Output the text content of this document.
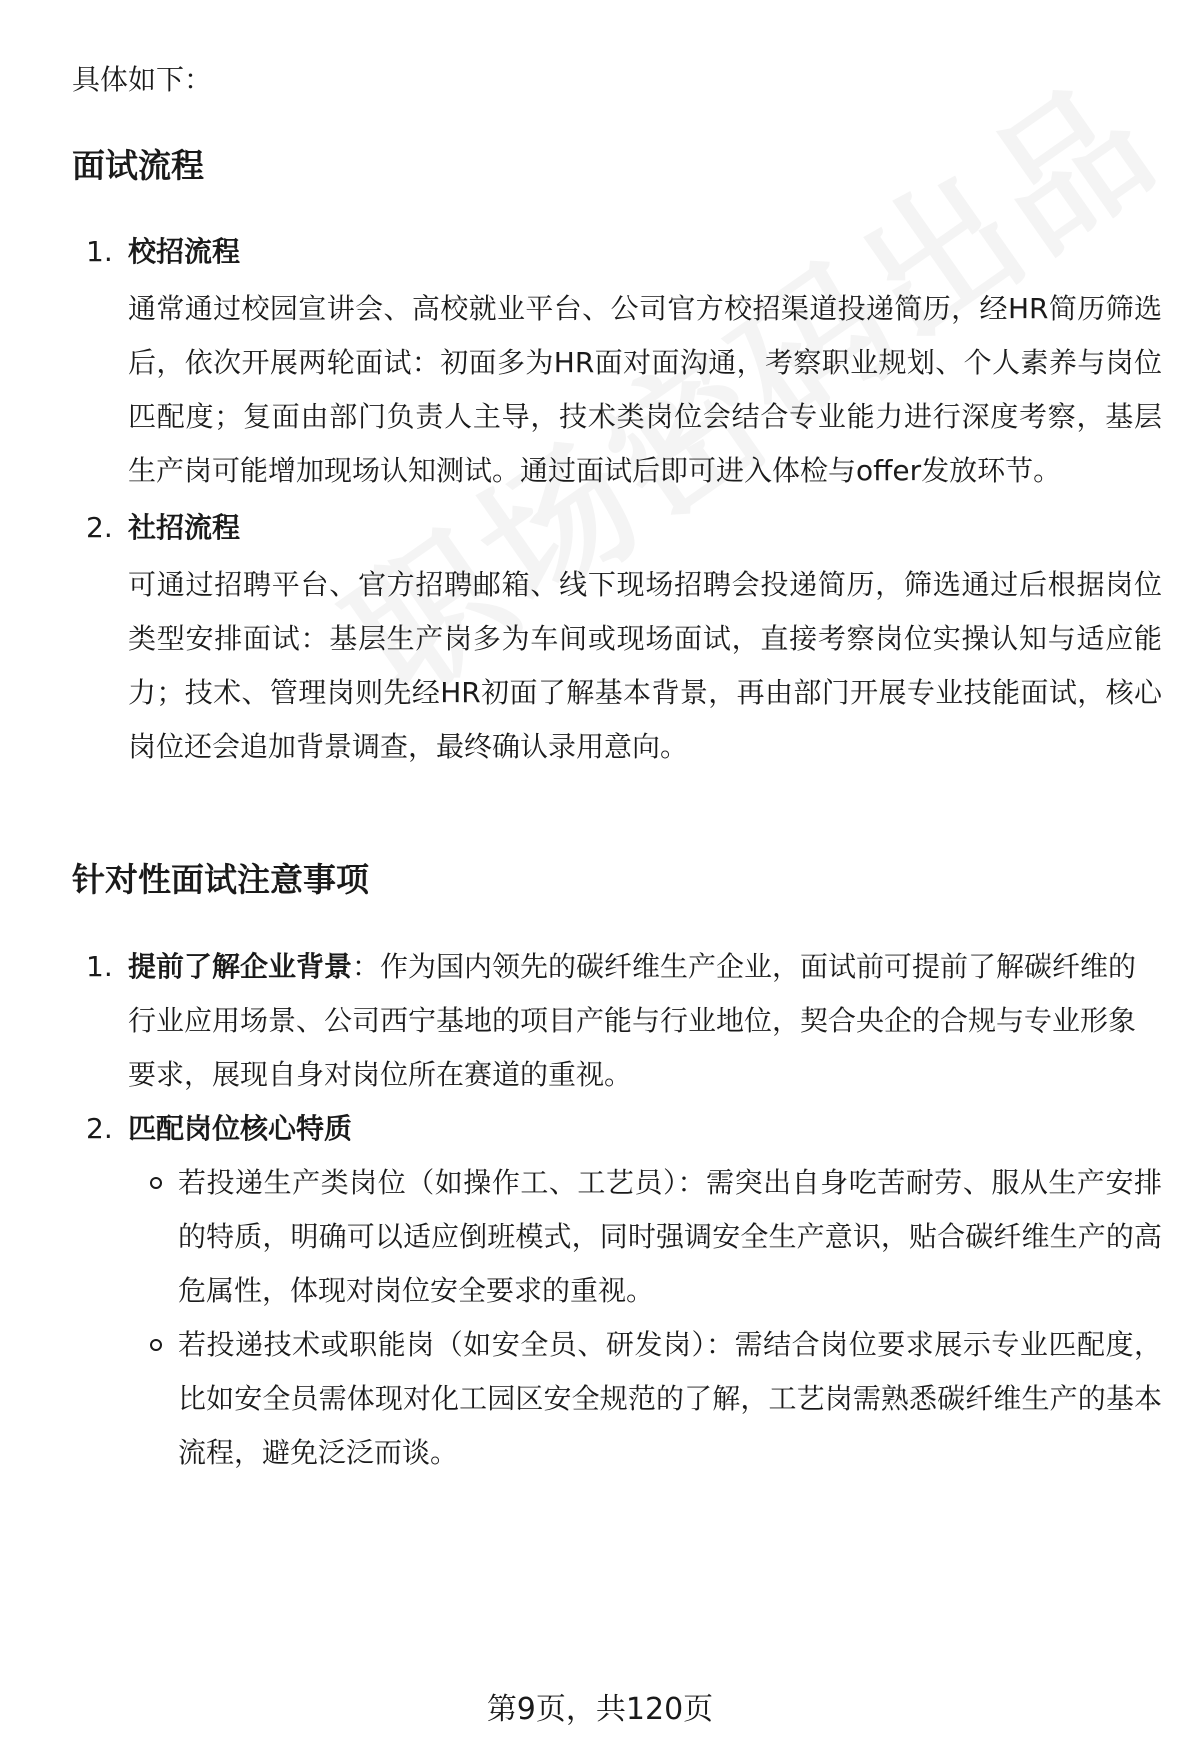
具体如下：
面试流程
1. 校招流程
通常通过校园宣讲会、高校就业平台、公司官方校招渠道投递简历，经HR简历筛选后，依次开展两轮面试：初面多为HR面对面沟通，考察职业规划、个人素养与岗位匹配度；复面由部门负责人主导，技术类岗位会结合专业能力进行深度考察，基层生产岗可能增加现场认知测试。通过面试后即可进入体检与offer发放环节。
2. 社招流程
可通过招聘平台、官方招聘邮箱、线下现场招聘会投递简历，筛选通过后根据岗位类型安排面试：基层生产岗多为车间或现场面试，直接考察岗位实操认知与适应能力；技术、管理岗则先经HR初面了解基本背景，再由部门开展专业技能面试，核心岗位还会追加背景调查，最终确认录用意向。
针对性面试注意事项
1. 提前了解企业背景：作为国内领先的碳纤维生产企业，面试前可提前了解碳纤维的行业应用场景、公司西宁基地的项目产能与行业地位，契合央企的合规与专业形象要求，展现自身对岗位所在赛道的重视。
2. 匹配岗位核心特质
若投递生产类岗位（如操作工、工艺员）：需突出自身吃苦耐劳、服从生产安排的特质，明确可以适应倒班模式，同时强调安全生产意识，贴合碳纤维生产的高危属性，体现对岗位安全要求的重视。
若投递技术或职能岗（如安全员、研发岗）：需结合岗位要求展示专业匹配度，比如安全员需体现对化工园区安全规范的了解，工艺岗需熟悉碳纤维生产的基本流程，避免泛泛而谈。
第9页，共120页
